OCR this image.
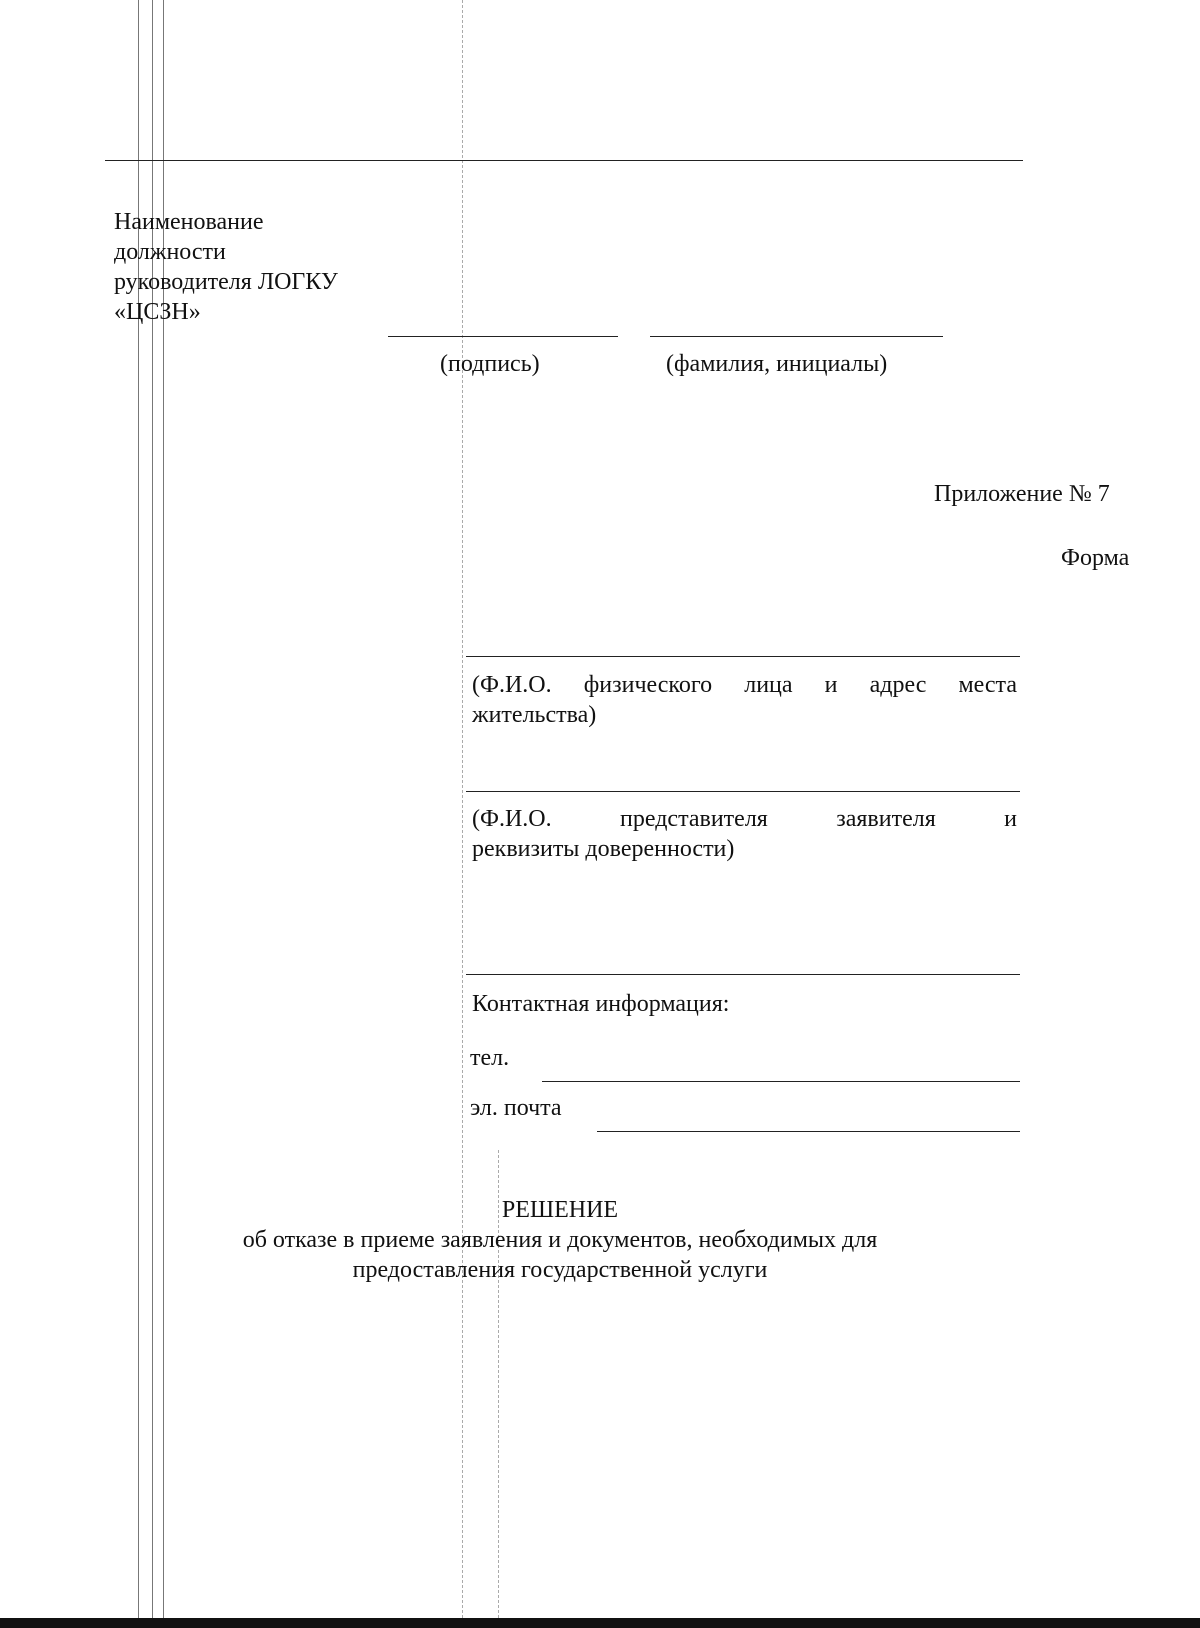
Наименование
должности
руководителя ЛОГКУ
«ЦСЗН»
(подпись)	(фамилия, инициалы)
Приложение № 7
Форма
(Ф.И.О. физического лица и адрес места
жительства)
(Ф.И.О. представителя заявителя и
реквизиты доверенности)
Контактная информация:
тел.
эл. почта
РЕШЕНИЕ
об отказе в приеме заявления и документов, необходимых для
предоставления государственной услуги
